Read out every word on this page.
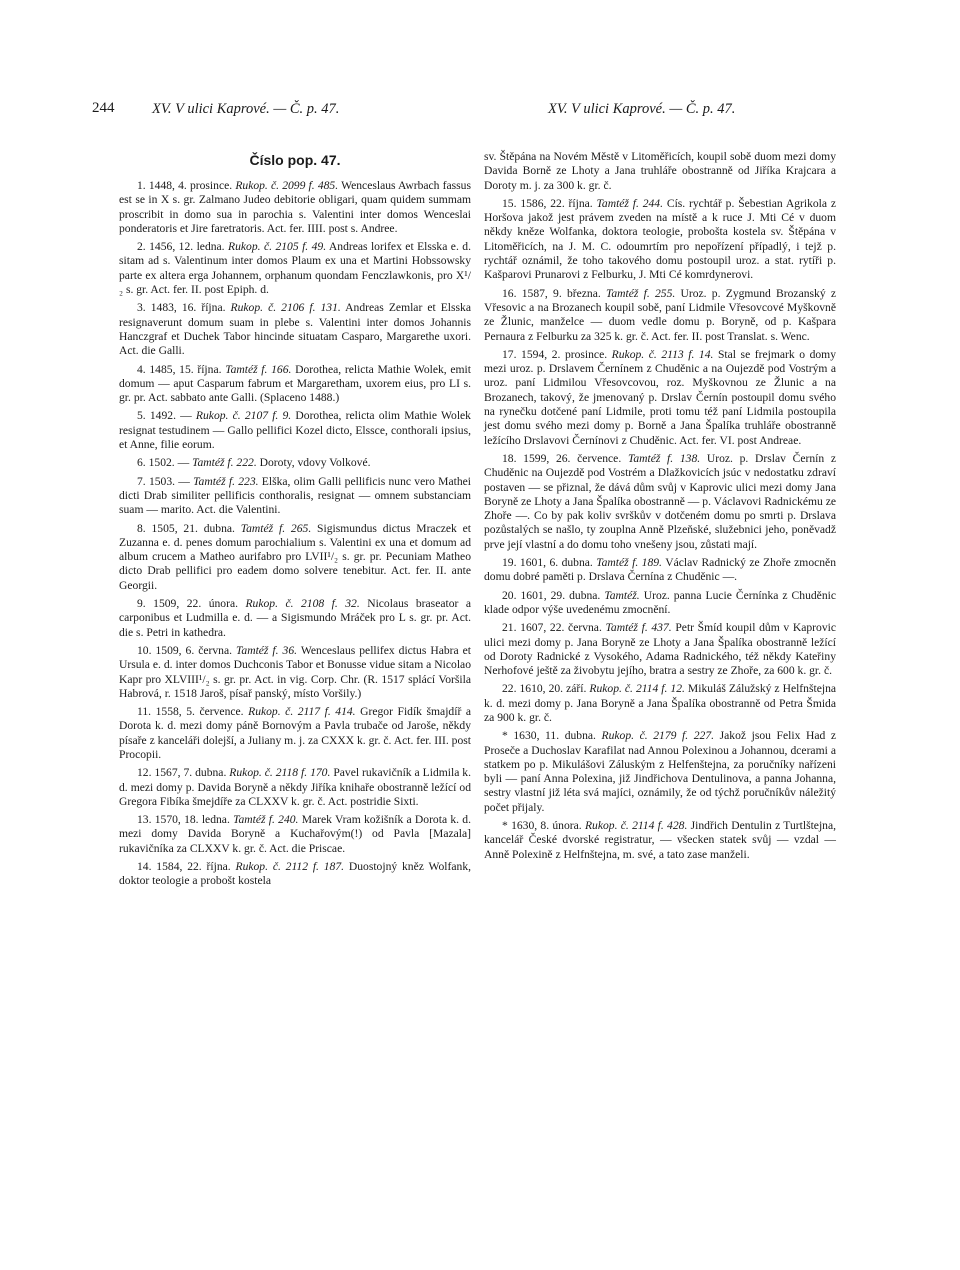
244	XV. V ulici Kaprové. — Č. p. 47.	XV. V ulici Kaprové. — Č. p. 47.
Číslo pop. 47.

1. 1448, 4. prosince. Rukop. č. 2099 f. 485. Wenceslaus Awrbach fassus est se in X s. gr. Zalmano Judeo debitorie obligari, quam quidem summam proscribit in domo sua in parochia s. Valentini inter domos Wenceslai ponderatoris et Jire faretratoris. Act. fer. IIII. post s. Andree.

2. 1456, 12. ledna. Rukop. č. 2105 f. 49. Andreas lorifex et Elsska e. d. sitam ad s. Valentinum inter domos Plaum ex una et Martini Hobssowsky parte ex altera erga Johannem, orphanum quondam Fenczlawkonis, pro X¹/₂ s. gr. Act. fer. II. post Epiph. d.

3. 1483, 16. října. Rukop. č. 2106 f. 131. Andreas Zemlar et Elsska resignaverunt domum suam in plebe s. Valentini inter domos Johannis Hanczgraf et Duchek Tabor hincinde situatam Casparo, Margarethe uxori. Act. die Galli.

4. 1485, 15. října. Tamtéž f. 166. Dorothea, relicta Mathie Wolek, emit domum — aput Casparum fabrum et Margaretham, uxorem eius, pro LI s. gr. pr. Act. sabbato ante Galli. (Splaceno 1488.)

5. 1492. — Rukop. č. 2107 f. 9. Dorothea, relicta olim Mathie Wolek resignat testudinem — Gallo pellifici Kozel dicto, Elssce, conthorali ipsius, et Anne, filie eorum.

6. 1502. — Tamtéž f. 222. Doroty, vdovy Volkové.

7. 1503. — Tamtéž f. 223. Elška, olim Galli pellificis nunc vero Mathei dicti Drab similiter pellificis conthoralis, resignat — omnem substanciam suam — marito. Act. die Valentini.

8. 1505, 21. dubna. Tamtéž f. 265. Sigismundus dictus Mraczek et Zuzanna e. d. penes domum parochialium s. Valentini ex una et domum ad album crucem a Matheo aurifabro pro LVII¹/₂ s. gr. pr. Pecuniam Matheo dicto Drab pellifici pro eadem domo solvere tenebitur. Act. fer. II. ante Georgii.

9. 1509, 22. února. Rukop. č. 2108 f. 32. Nicolaus braseator a carponibus et Ludmilla e. d. — a Sigismundo Mráček pro L s. gr. pr. Act. die s. Petri in kathedra.

10. 1509, 6. června. Tamtéž f. 36. Wenceslaus pellifex dictus Habra et Ursula e. d. inter domos Duchconis Tabor et Bonusse vidue sitam a Nicolao Kapr pro XLVIII¹/₂ s. gr. pr. Act. in vig. Corp. Chr. (R. 1517 splácí Voršila Habrová, r. 1518 Jaroš, písař panský, místo Voršily.)

11. 1558, 5. července. Rukop. č. 2117 f. 414. Gregor Fidík šmajdíř a Dorota k. d. mezi domy páně Bornovým a Pavla trubače od Jaroše, někdy písaře z kanceláři dolejší, a Juliany m. j. za CXXX k. gr. č. Act. fer. III. post Procopii.

12. 1567, 7. dubna. Rukop. č. 2118 f. 170. Pavel rukavičník a Lidmila k. d. mezi domy p. Davida Boryně a někdy Jiříka knihaře obostranně ležící od Gregora Fibíka šmejdíře za CLXXV k. gr. č. Act. postridie Sixti.

13. 1570, 18. ledna. Tamtéž f. 240. Marek Vram kožišník a Dorota k. d. mezi domy Davida Boryně a Kuchařovým(!) od Pavla [Mazala] rukavičníka za CLXXV k. gr. č. Act. die Priscae.

14. 1584, 22. října. Rukop. č. 2112 f. 187. Duostojný kněz Wolfank, doktor teologie a probošt kostela

sv. Štěpána na Novém Městě v Litoměřicích, koupil sobě duom mezi domy Davida Borně ze Lhoty a Jana truhláře obostranně od Jiříka Krajcara a Doroty m. j. za 300 k. gr. č.

15. 1586, 22. října. Tamtéž f. 244. Cís. rychtář p. Šebestian Agrikola z Horšova jakož jest právem zveden na místě a k ruce J. Mti Cé v duom někdy kněze Wolfanka, doktora teologie, probošta kostela sv. Štěpána v Litoměřicích, na J. M. C. odoumrtím pro nepořízení případlý, i tejž p. rychtář oznámil, že toho takového domu postoupil uroz. a stat. rytíři p. Kašparovi Prunarovi z Felburku, J. Mti Cé komrdynerovi.

16. 1587, 9. března. Tamtéž f. 255. Uroz. p. Zygmund Brozanský z Vřesovic a na Brozanech koupil sobě, paní Lidmile Vřesovcové Myškovně ze Žlunic, manželce — duom vedle domu p. Boryně, od p. Kašpara Pernaura z Felburku za 325 k. gr. č. Act. fer. II. post Translat. s. Wenc.

17. 1594, 2. prosince. Rukop. č. 2113 f. 14. Stal se frejmark o domy mezi uroz. p. Drslavem Černínem z Chuděnic a na Oujezdě pod Vostrým a uroz. paní Lidmilou Vřesovcovou, roz. Myškovnou ze Žlunic a na Brozanech, takový, že jmenovaný p. Drslav Černín postoupil domu svého na rynečku dotčené paní Lidmile, proti tomu též paní Lidmila postoupila jest domu svého mezi domy p. Borně a Jana Špalíka truhláře obostranně ležícího Drslavovi Černínovi z Chuděnic. Act. fer. VI. post Andreae.

18. 1599, 26. července. Tamtéž f. 138. Uroz. p. Drslav Černín z Chuděnic na Oujezdě pod Vostrém a Dlažkovicích jsúc v nedostatku zdraví postaven — se přiznal, že dává dům svůj v Kaprovic ulici mezi domy Jana Boryně ze Lhoty a Jana Špalíka obostranně — p. Václavovi Radnickému ze Zhoře —. Co by pak koliv svrškův v dotčeném domu po smrti p. Drslava pozůstalých se našlo, ty zouplna Anně Plzeňské, služebnici jeho, poněvadž prve její vlastní a do domu toho vnešeny jsou, zůstati mají.

19. 1601, 6. dubna. Tamtéž f. 189. Václav Radnický ze Zhoře zmocněn domu dobré paměti p. Drslava Černína z Chuděnic —.

20. 1601, 29. dubna. Tamtéž. Uroz. panna Lucie Černínka z Chuděnic klade odpor výše uvedenému zmocnění.

21. 1607, 22. června. Tamtéž f. 437. Petr Šmíd koupil dům v Kaprovic ulici mezi domy p. Jana Boryně ze Lhoty a Jana Špalíka obostranně ležící od Doroty Radnické z Vysokého, Adama Radnického, též někdy Kateřiny Nerhofové ještě za živobytu jejího, bratra a sestry ze Zhoře, za 600 k. gr. č.

22. 1610, 20. září. Rukop. č. 2114 f. 12. Mikuláš Zálužský z Helfnštejna k. d. mezi domy p. Jana Boryně a Jana Špalíka obostranně od Petra Šmida za 900 k. gr. č.

* 1630, 11. dubna. Rukop. č. 2179 f. 227. Jakož jsou Felix Had z Proseče a Duchoslav Karafilat nad Annou Polexinou a Johannou, dcerami a statkem po p. Mikulášovi Záluským z Helfenštejna, za poručníky nařízeni byli — paní Anna Polexina, již Jindřichova Dentulinova, a panna Johanna, sestry vlastní již léta svá majíci, oznámily, že od týchž poručníkův náležitý počet přijaly.

* 1630, 8. února. Rukop. č. 2114 f. 428. Jindřich Dentulin z Turtlštejna, kancelář České dvorské registratur, — všecken statek svůj — vzdal — Anně Polexině z Helfnštejna, m. své, a tato zase manželi.
